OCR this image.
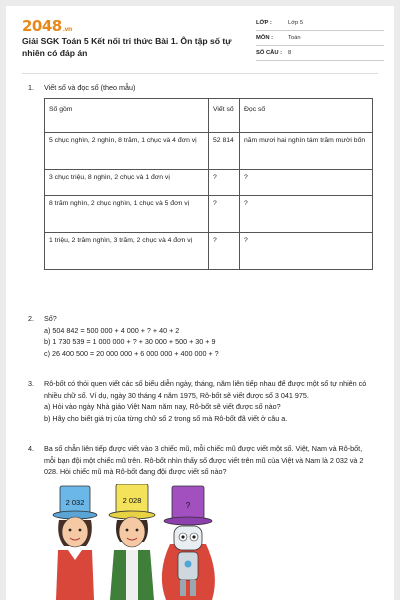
2048.vn
Giải SGK Toán 5 Kết nối tri thức Bài 1. Ôn tập số tự nhiên có đáp án
LỚP :	Lớp 5
MÔN :	Toán
SỐ CÂU :	8
1. Viết số và đọc số (theo mẫu)
Số gồm	Viết số	Đọc số
5 chục nghìn, 2 nghìn, 8 trăm, 1 chục và 4 đơn vị	52 814	năm mươi hai nghìn tám trăm mười bốn
3 chục triệu, 8 nghìn, 2 chục và 1 đơn vị	?	?
8 trăm nghìn, 2 chục nghìn, 1 chục và 5 đơn vị	?	?
1 triệu, 2 trăm nghìn, 3 trăm, 2 chục và 4 đơn vị	?	?
2. Số?
a) 504 842 = 500 000 + 4 000 + ? + 40 + 2
b) 1 730 539 = 1 000 000 + ? + 30 000 + 500 + 30 + 9
c) 26 400 500 = 20 000 000 + 6 000 000 + 400 000 + ?
3. Rô-bốt có thói quen viết các số biểu diễn ngày, tháng, năm liên tiếp nhau để được một số tự nhiên có nhiều chữ số. Ví dụ, ngày 30 tháng 4 năm 1975, Rô-bốt sẽ viết được số 3 041 975.
a) Hỏi vào ngày Nhà giáo Việt Nam năm nay, Rô-bốt sẽ viết được số nào?
b) Hãy cho biết giá trị của từng chữ số 2 trong số mà Rô-bốt đã viết ở câu a.
4. Ba số chẵn liên tiếp được viết vào 3 chiếc mũ, mỗi chiếc mũ được viết một số. Việt, Nam và Rô-bốt, mỗi bạn đội một chiếc mũ trên. Rô-bốt nhìn thấy số được viết trên mũ của Việt và Nam là 2 032 và 2 028. Hỏi chiếc mũ mà Rô-bốt đang đội được viết số nào?
2 032	2 028
?
